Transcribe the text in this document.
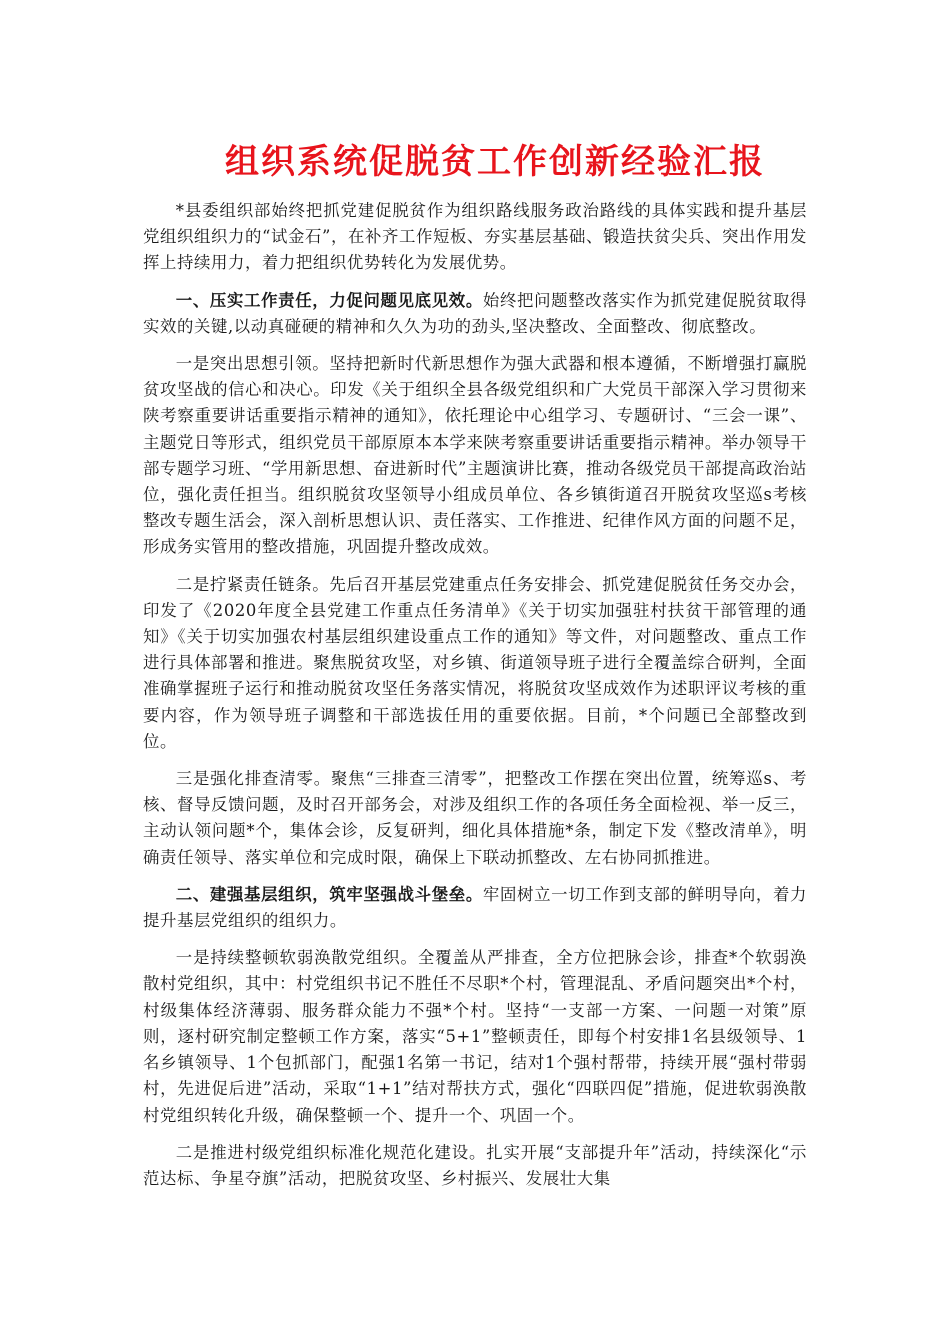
组织系统促脱贫工作创新经验汇报

*县委组织部始终把抓党建促脱贫作为组织路线服务政治路线的具体实践和提升基层党组织组织力的“试金石”，在补齐工作短板、夯实基层基础、锻造扶贫尖兵、突出作用发挥上持续用力，着力把组织优势转化为发展优势。

一、压实工作责任，力促问题见底见效。始终把问题整改落实作为抓党建促脱贫取得实效的关键,以动真碰硬的精神和久久为功的劲头,坚决整改、全面整改、彻底整改。

一是突出思想引领。坚持把新时代新思想作为强大武器和根本遵循，不断增强打赢脱贫攻坚战的信心和决心。印发《关于组织全县各级党组织和广大党员干部深入学习贯彻来陕考察重要讲话重要指示精神的通知》，依托理论中心组学习、专题研讨、“三会一课”、主题党日等形式，组织党员干部原原本本学来陕考察重要讲话重要指示精神。举办领导干部专题学习班、“学用新思想、奋进新时代”主题演讲比赛，推动各级党员干部提高政治站位，强化责任担当。组织脱贫攻坚领导小组成员单位、各乡镇街道召开脱贫攻坚巡s考核整改专题生活会，深入剖析思想认识、责任落实、工作推进、纪律作风方面的问题不足，形成务实管用的整改措施，巩固提升整改成效。

二是拧紧责任链条。先后召开基层党建重点任务安排会、抓党建促脱贫任务交办会，印发了《2020年度全县党建工作重点任务清单》《关于切实加强驻村扶贫干部管理的通知》《关于切实加强农村基层组织建设重点工作的通知》等文件，对问题整改、重点工作进行具体部署和推进。聚焦脱贫攻坚，对乡镇、街道领导班子进行全覆盖综合研判，全面准确掌握班子运行和推动脱贫攻坚任务落实情况，将脱贫攻坚成效作为述职评议考核的重要内容，作为领导班子调整和干部选拔任用的重要依据。目前，*个问题已全部整改到位。

三是强化排查清零。聚焦“三排查三清零”，把整改工作摆在突出位置，统筹巡s、考核、督导反馈问题，及时召开部务会，对涉及组织工作的各项任务全面检视、举一反三，主动认领问题*个，集体会诊，反复研判，细化具体措施*条，制定下发《整改清单》，明确责任领导、落实单位和完成时限，确保上下联动抓整改、左右协同抓推进。

二、建强基层组织，筑牢坚强战斗堡垒。牢固树立一切工作到支部的鲜明导向，着力提升基层党组织的组织力。

一是持续整顿软弱涣散党组织。全覆盖从严排查，全方位把脉会诊，排查*个软弱涣散村党组织，其中：村党组织书记不胜任不尽职*个村，管理混乱、矛盾问题突出*个村，村级集体经济薄弱、服务群众能力不强*个村。坚持“一支部一方案、一问题一对策”原则，逐村研究制定整顿工作方案，落实“5+1”整顿责任，即每个村安排1名县级领导、1名乡镇领导、1个包抓部门，配强1名第一书记，结对1个强村帮带，持续开展“强村带弱村，先进促后进”活动，采取“1+1”结对帮扶方式，强化“四联四促”措施，促进软弱涣散村党组织转化升级，确保整顿一个、提升一个、巩固一个。

二是推进村级党组织标准化规范化建设。扎实开展“支部提升年”活动，持续深化“示范达标、争星夺旗”活动，把脱贫攻坚、乡村振兴、发展壮大集
